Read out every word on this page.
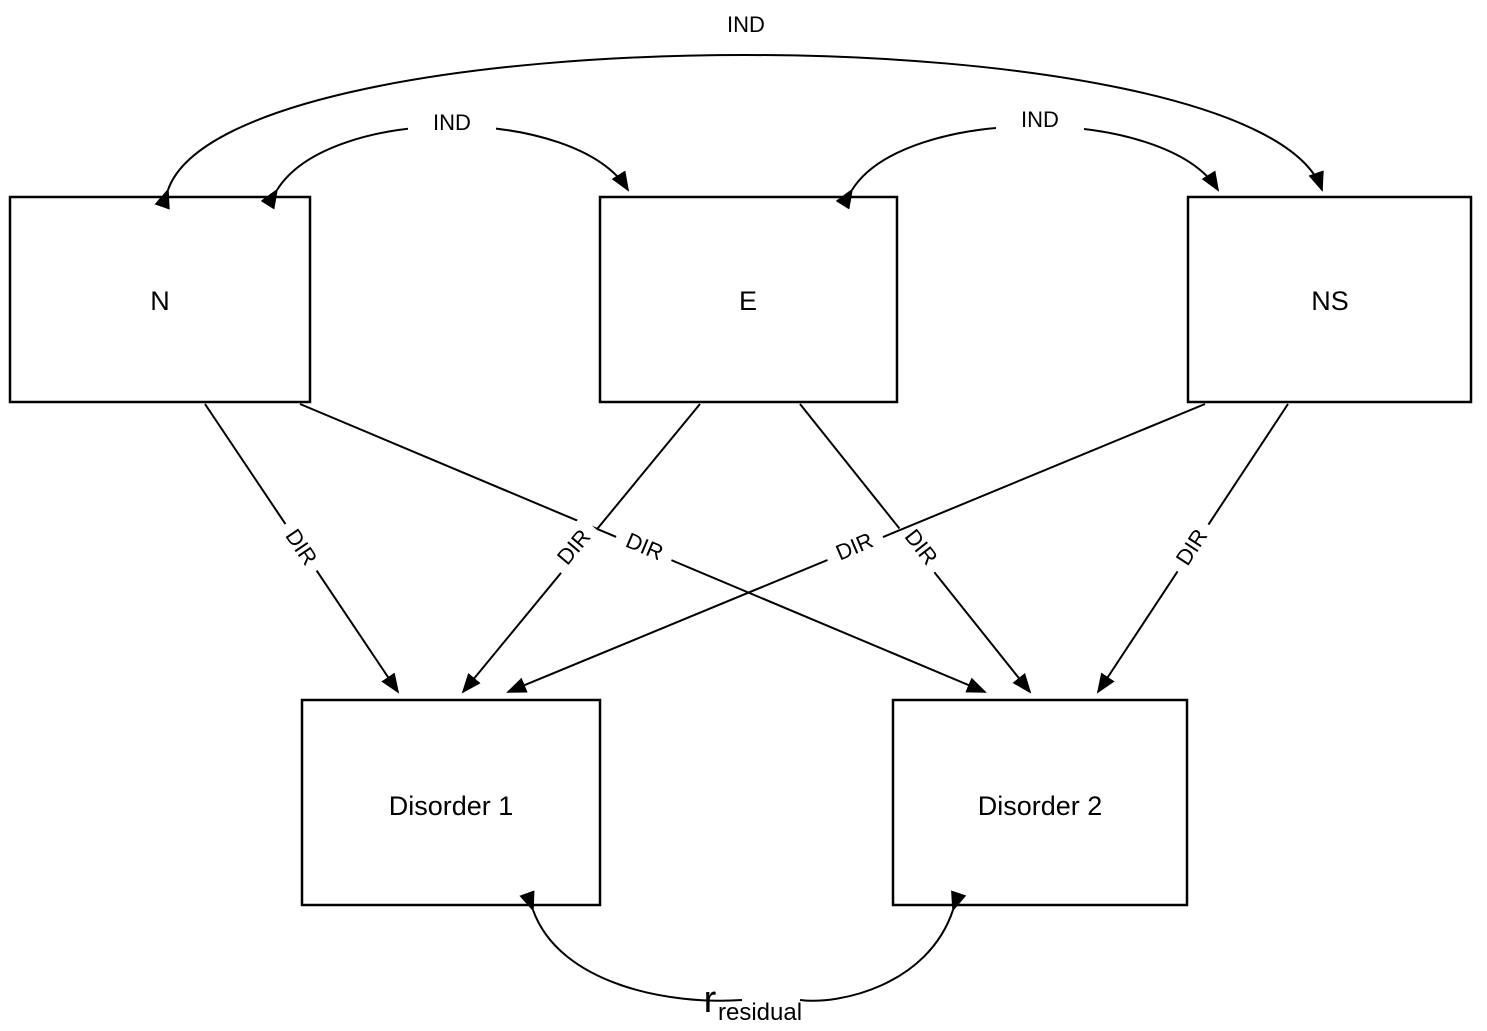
N	E	NS
Disorder 1	Disorder 2
IND
IND	IND
DIR	DIR
DIR	DIR
DIR	DIR
r residual
